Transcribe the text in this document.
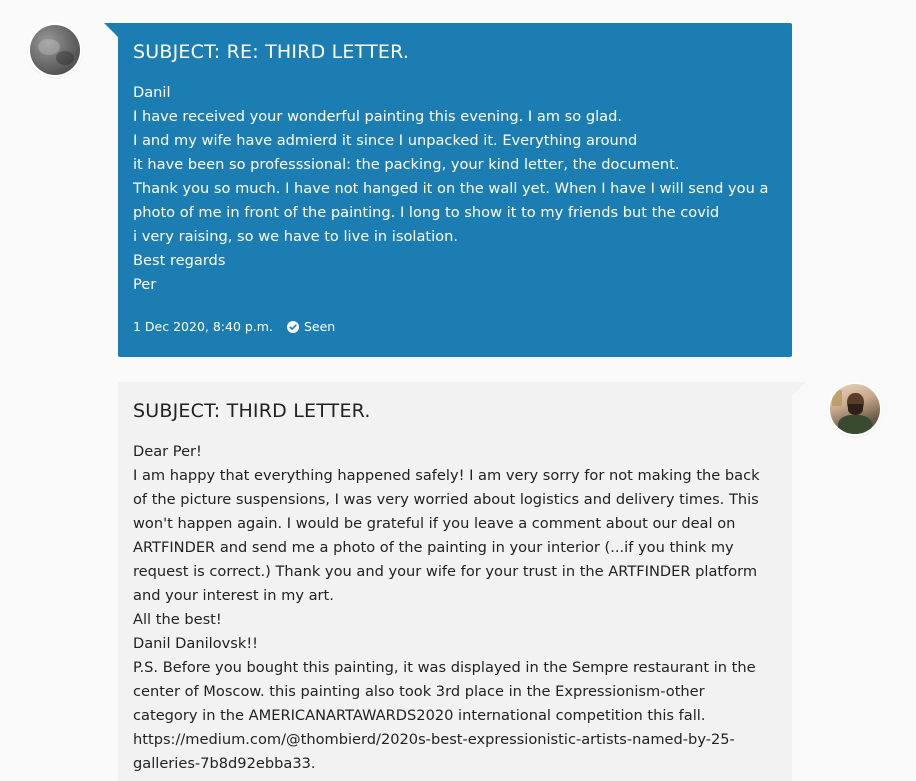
SUBJECT: RE: THIRD LETTER.
Danil
I have received your wonderful painting this evening. I am so glad.
I and my wife have admierd it since I unpacked it. Everything around
it have been so professsional: the packing, your kind letter, the document.
Thank you so much. I have not hanged it on the wall yet. When I have I will send you a
photo of me in front of the painting. I long to show it to my friends but the covid
i very raising, so we have to live in isolation.
Best regards
Per
1 Dec 2020, 8:40 p.m. Seen
SUBJECT: THIRD LETTER.
Dear Per!
I am happy that everything happened safely! I am very sorry for not making the back
of the picture suspensions, I was very worried about logistics and delivery times. This
won't happen again. I would be grateful if you leave a comment about our deal on
ARTFINDER and send me a photo of the painting in your interior (...if you think my
request is correct.) Thank you and your wife for your trust in the ARTFINDER platform
and your interest in my art.
All the best!
Danil Danilovsk!!
P.S. Before you bought this painting, it was displayed in the Sempre restaurant in the
center of Moscow. this painting also took 3rd place in the Expressionism-other
category in the AMERICANARTAWARDS2020 international competition this fall.
https://medium.com/@thombierd/2020s-best-expressionistic-artists-named-by-25-
galleries-7b8d92ebba33.
